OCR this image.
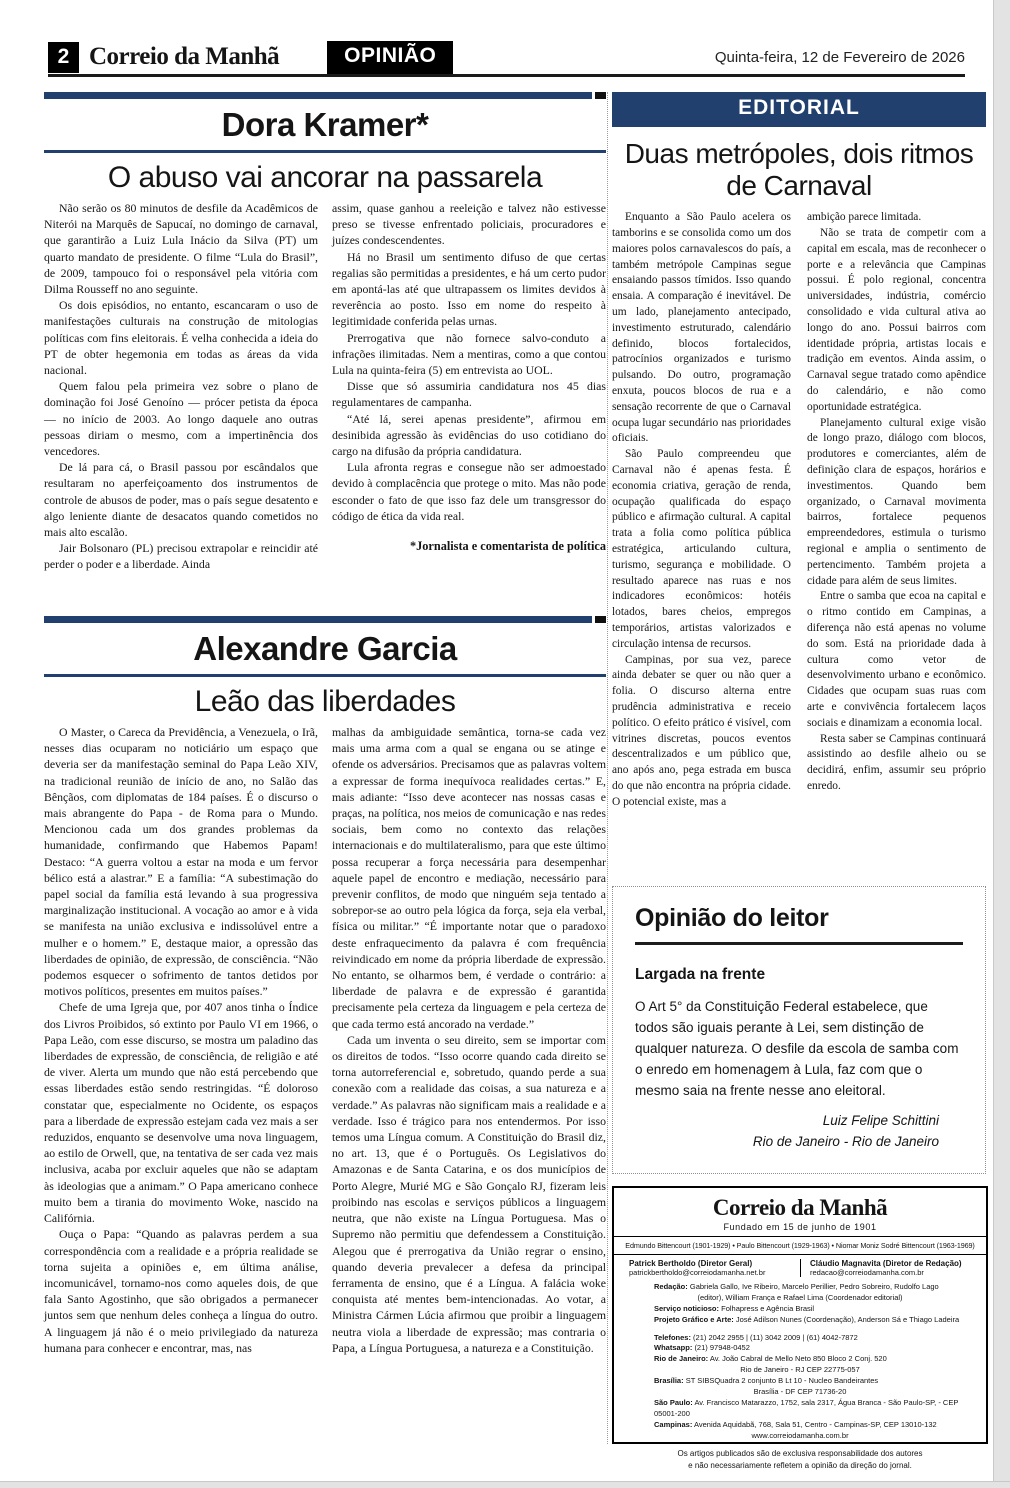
2 Correio da Manhã	OPINIÃO	Quinta-feira, 12 de Fevereiro de 2026
Dora Kramer*
O abuso vai ancorar na passarela

Não serão os 80 minutos de desfile da Acadêmicos de Niterói na Marquês de Sapucaí, no domingo de carnaval, que garantirão a Luiz Lula Inácio da Silva (PT) um quarto mandato de presidente. O filme “Lula do Brasil”, de 2009, tampouco foi o responsável pela vitória com Dilma Rousseff no ano seguinte.

Os dois episódios, no entanto, escancaram o uso de manifestações culturais na construção de mitologias políticas com fins eleitorais. É velha conhecida a ideia do PT de obter hegemonia em todas as áreas da vida nacional.

Quem falou pela primeira vez sobre o plano de dominação foi José Genoíno — prócer petista da época — no início de 2003. Ao longo daquele ano outras pessoas diriam o mesmo, com a impertinência dos vencedores.

De lá para cá, o Brasil passou por escândalos que resultaram no aperfeiçoamento dos instrumentos de controle de abusos de poder, mas o país segue desatento e algo leniente diante de desacatos quando cometidos no mais alto escalão.

Jair Bolsonaro (PL) precisou extrapolar e reincidir até perder o poder e a liberdade. Ainda

assim, quase ganhou a reeleição e talvez não estivesse preso se tivesse enfrentado policiais, procuradores e juízes condescendentes.

Há no Brasil um sentimento difuso de que certas regalias são permitidas a presidentes, e há um certo pudor em apontá-las até que ultrapassem os limites devidos à reverência ao posto. Isso em nome do respeito à legitimidade conferida pelas urnas.

Prerrogativa que não fornece salvo-conduto a infrações ilimitadas. Nem a mentiras, como a que contou Lula na quinta-feira (5) em entrevista ao UOL.

Disse que só assumiria candidatura nos 45 dias regulamentares de campanha.

“Até lá, serei apenas presidente”, afirmou em desinibida agressão às evidências do uso cotidiano do cargo na difusão da própria candidatura.

Lula afronta regras e consegue não ser admoestado devido à complacência que protege o mito. Mas não pode esconder o fato de que isso faz dele um transgressor do código de ética da vida real.

*Jornalista e comentarista de política

Alexandre Garcia
Leão das liberdades

O Master, o Careca da Previdência, a Venezuela, o Irã, nesses dias ocuparam no noticiário um espaço que deveria ser da manifestação seminal do Papa Leão XIV, na tradicional reunião de início de ano, no Salão das Bênçãos, com diplomatas de 184 países. É o discurso o mais abrangente do Papa - de Roma para o Mundo. Mencionou cada um dos grandes problemas da humanidade, confirmando que Habemos Papam! Destaco: “A guerra voltou a estar na moda e um fervor bélico está a alastrar.” E a família: “A subestimação do papel social da família está levando à sua progressiva marginalização institucional. A vocação ao amor e à vida se manifesta na união exclusiva e indissolúvel entre a mulher e o homem.” E, destaque maior, a opressão das liberdades de opinião, de expressão, de consciência. “Não podemos esquecer o sofrimento de tantos detidos por motivos políticos, presentes em muitos países.”

Chefe de uma Igreja que, por 407 anos tinha o Índice dos Livros Proibidos, só extinto por Paulo VI em 1966, o Papa Leão, com esse discurso, se mostra um paladino das liberdades de expressão, de consciência, de religião e até de viver. Alerta um mundo que não está percebendo que essas liberdades estão sendo restringidas. “É doloroso constatar que, especialmente no Ocidente, os espaços para a liberdade de expressão estejam cada vez mais a ser reduzidos, enquanto se desenvolve uma nova linguagem, ao estilo de Orwell, que, na tentativa de ser cada vez mais inclusiva, acaba por excluir aqueles que não se adaptam às ideologias que a animam.” O Papa americano conhece muito bem a tirania do movimento Woke, nascido na Califórnia.

Ouça o Papa: “Quando as palavras perdem a sua correspondência com a realidade e a própria realidade se torna sujeita a opiniões e, em última análise, incomunicável, tornamo-nos como aqueles dois, de que fala Santo Agostinho, que são obrigados a permanecer juntos sem que nenhum deles conheça a língua do outro. A linguagem já não é o meio privilegiado da natureza humana para conhecer e encontrar, mas, nas

malhas da ambiguidade semântica, torna-se cada vez mais uma arma com a qual se engana ou se atinge e ofende os adversários. Precisamos que as palavras voltem a expressar de forma inequívoca realidades certas.” E, mais adiante: “Isso deve acontecer nas nossas casas e praças, na política, nos meios de comunicação e nas redes sociais, bem como no contexto das relações internacionais e do multilateralismo, para que este último possa recuperar a força necessária para desempenhar aquele papel de encontro e mediação, necessário para prevenir conflitos, de modo que ninguém seja tentado a sobrepor-se ao outro pela lógica da força, seja ela verbal, física ou militar.” “É importante notar que o paradoxo deste enfraquecimento da palavra é com frequência reivindicado em nome da própria liberdade de expressão. No entanto, se olharmos bem, é verdade o contrário: a liberdade de palavra e de expressão é garantida precisamente pela certeza da linguagem e pela certeza de que cada termo está ancorado na verdade.”

Cada um inventa o seu direito, sem se importar com os direitos de todos. “Isso ocorre quando cada direito se torna autorreferencial e, sobretudo, quando perde a sua conexão com a realidade das coisas, a sua natureza e a verdade.” As palavras não significam mais a realidade e a verdade. Isso é trágico para nos entendermos. Por isso temos uma Língua comum. A Constituição do Brasil diz, no art. 13, que é o Português. Os Legislativos do Amazonas e de Santa Catarina, e os dos municípios de Porto Alegre, Murié MG e São Gonçalo RJ, fizeram leis proibindo nas escolas e serviços públicos a linguagem neutra, que não existe na Língua Portuguesa. Mas o Supremo não permitiu que defendessem a Constituição. Alegou que é prerrogativa da União regrar o ensino, quando deveria prevalecer a defesa da principal ferramenta de ensino, que é a Língua. A falácia woke conquista até mentes bem-intencionadas. Ao votar, a Ministra Cármen Lúcia afirmou que proibir a linguagem neutra viola a liberdade de expressão; mas contraria o Papa, a Língua Portuguesa, a natureza e a Constituição.

EDITORIAL
Duas metrópoles, dois ritmos de Carnaval

Enquanto a São Paulo acelera os tamborins e se consolida como um dos maiores polos carnavalescos do país, a também metrópole Campinas segue ensaiando passos tímidos. Isso quando ensaia. A comparação é inevitável. De um lado, planejamento antecipado, investimento estruturado, calendário definido, blocos fortalecidos, patrocínios organizados e turismo pulsando. Do outro, programação enxuta, poucos blocos de rua e a sensação recorrente de que o Carnaval ocupa lugar secundário nas prioridades oficiais.

São Paulo compreendeu que Carnaval não é apenas festa. É economia criativa, geração de renda, ocupação qualificada do espaço público e afirmação cultural. A capital trata a folia como política pública estratégica, articulando cultura, turismo, segurança e mobilidade. O resultado aparece nas ruas e nos indicadores econômicos: hotéis lotados, bares cheios, empregos temporários, artistas valorizados e circulação intensa de recursos.

Campinas, por sua vez, parece ainda debater se quer ou não quer a folia. O discurso alterna entre prudência administrativa e receio político. O efeito prático é visível, com vitrines discretas, poucos eventos descentralizados e um público que, ano após ano, pega estrada em busca do que não encontra na própria cidade. O potencial existe, mas a

ambição parece limitada.

Não se trata de competir com a capital em escala, mas de reconhecer o porte e a relevância que Campinas possui. É polo regional, concentra universidades, indústria, comércio consolidado e vida cultural ativa ao longo do ano. Possui bairros com identidade própria, artistas locais e tradição em eventos. Ainda assim, o Carnaval segue tratado como apêndice do calendário, e não como oportunidade estratégica.

Planejamento cultural exige visão de longo prazo, diálogo com blocos, produtores e comerciantes, além de definição clara de espaços, horários e investimentos. Quando bem organizado, o Carnaval movimenta bairros, fortalece pequenos empreendedores, estimula o turismo regional e amplia o sentimento de pertencimento. Também projeta a cidade para além de seus limites.

Entre o samba que ecoa na capital e o ritmo contido em Campinas, a diferença não está apenas no volume do som. Está na prioridade dada à cultura como vetor de desenvolvimento urbano e econômico. Cidades que ocupam suas ruas com arte e convivência fortalecem laços sociais e dinamizam a economia local.

Resta saber se Campinas continuará assistindo ao desfile alheio ou se decidirá, enfim, assumir seu próprio enredo.

Opinião do leitor
Largada na frente

O Art 5° da Constituição Federal estabelece, que todos são iguais perante à Lei, sem distinção de qualquer natureza. O desfile da escola de samba com o enredo em homenagem à Lula, faz com que o mesmo saia na frente nesse ano eleitoral.

Luiz Felipe Schittini
Rio de Janeiro - Rio de Janeiro
Correio da Manhã
Fundado em 15 de junho de 1901
Edmundo Bittencourt (1901-1929) • Paulo Bittencourt (1929-1963) • Niomar Moniz Sodré Bittencourt (1963-1969)
Patrick Bertholdo (Diretor Geral)
patrickbertholdo@correiodamanha.net.br
Cláudio Magnavita (Diretor de Redação)
redacao@correiodamanha.com.br
Redação: Gabriela Gallo, Ive Ribeiro, Marcelo Perillier, Pedro Sobreiro, Rudolfo Lago
(editor), William França e Rafael Lima (Coordenador editorial)
Serviço noticioso: Folhapress e Agência Brasil
Projeto Gráfico e Arte: José Adilson Nunes (Coordenação), Anderson Sá e Thiago Ladeira
Telefones: (21) 2042 2955 | (11) 3042 2009 | (61) 4042-7872
Whatsapp: (21) 97948-0452
Rio de Janeiro: Av. João Cabral de Mello Neto 850 Bloco 2 Conj. 520
Rio de Janeiro - RJ CEP 22775-057
Brasília: ST SIBSQuadra 2 conjunto B Lt 10 - Nucleo Bandeirantes
Brasília - DF CEP 71736-20
São Paulo: Av. Francisco Matarazzo, 1752, sala 2317, Água Branca - São Paulo-SP, - CEP 05001-200
Campinas: Avenida Aquidabã, 768, Sala 51, Centro - Campinas-SP, CEP 13010-132
www.correiodamanha.com.br
Os artigos publicados são de exclusiva responsabilidade dos autores
e não necessariamente refletem a opinião da direção do jornal.
